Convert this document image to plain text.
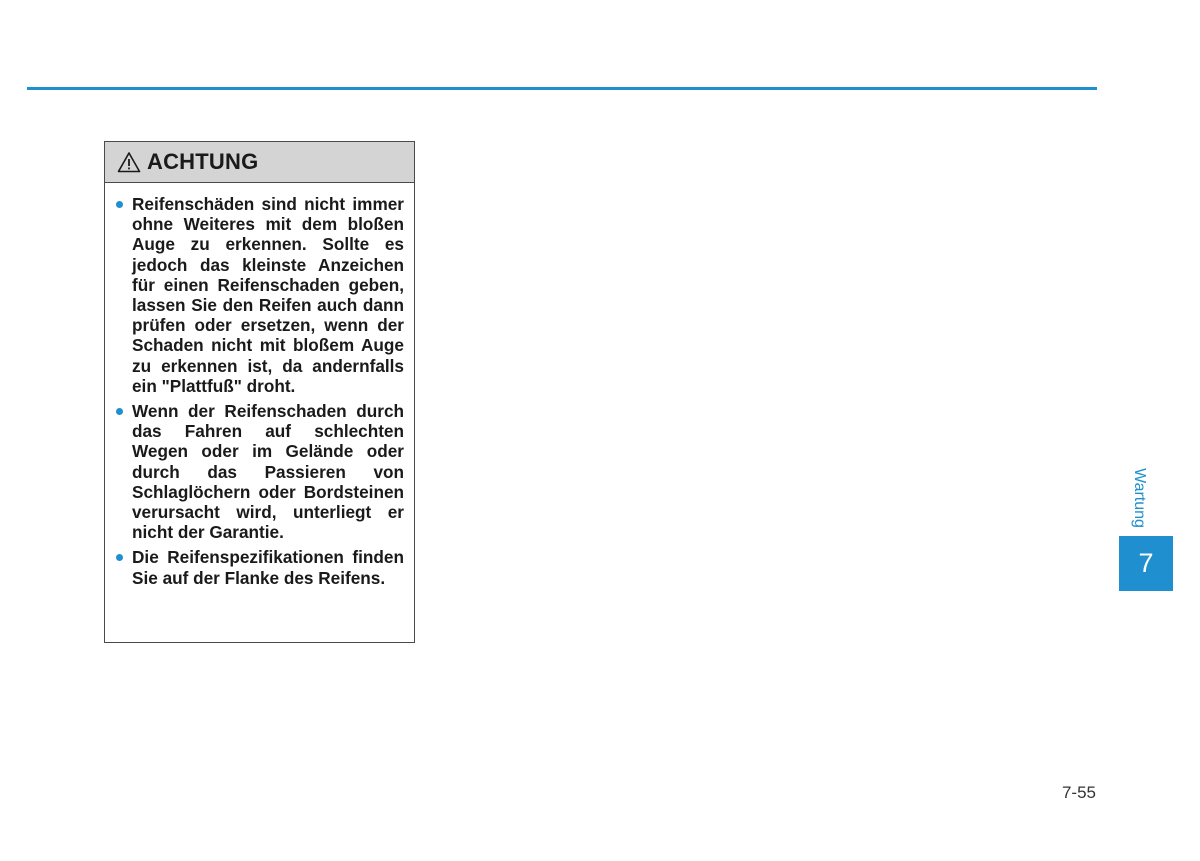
ACHTUNG
Reifenschäden sind nicht immer ohne Weiteres mit dem bloßen Auge zu erkennen. Sollte es jedoch das kleinste Anzeichen für einen Reifenschaden geben, lassen Sie den Reifen auch dann prüfen oder ersetzen, wenn der Schaden nicht mit bloßem Auge zu erkennen ist, da andernfalls ein "Plattfuß" droht.
Wenn der Reifenschaden durch das Fahren auf schlechten Wegen oder im Gelände oder durch das Passieren von Schlaglöchern oder Bordsteinen verursacht wird, unterliegt er nicht der Garantie.
Die Reifenspezifikationen finden Sie auf der Flanke des Reifens.
Wartung
7
7-55
